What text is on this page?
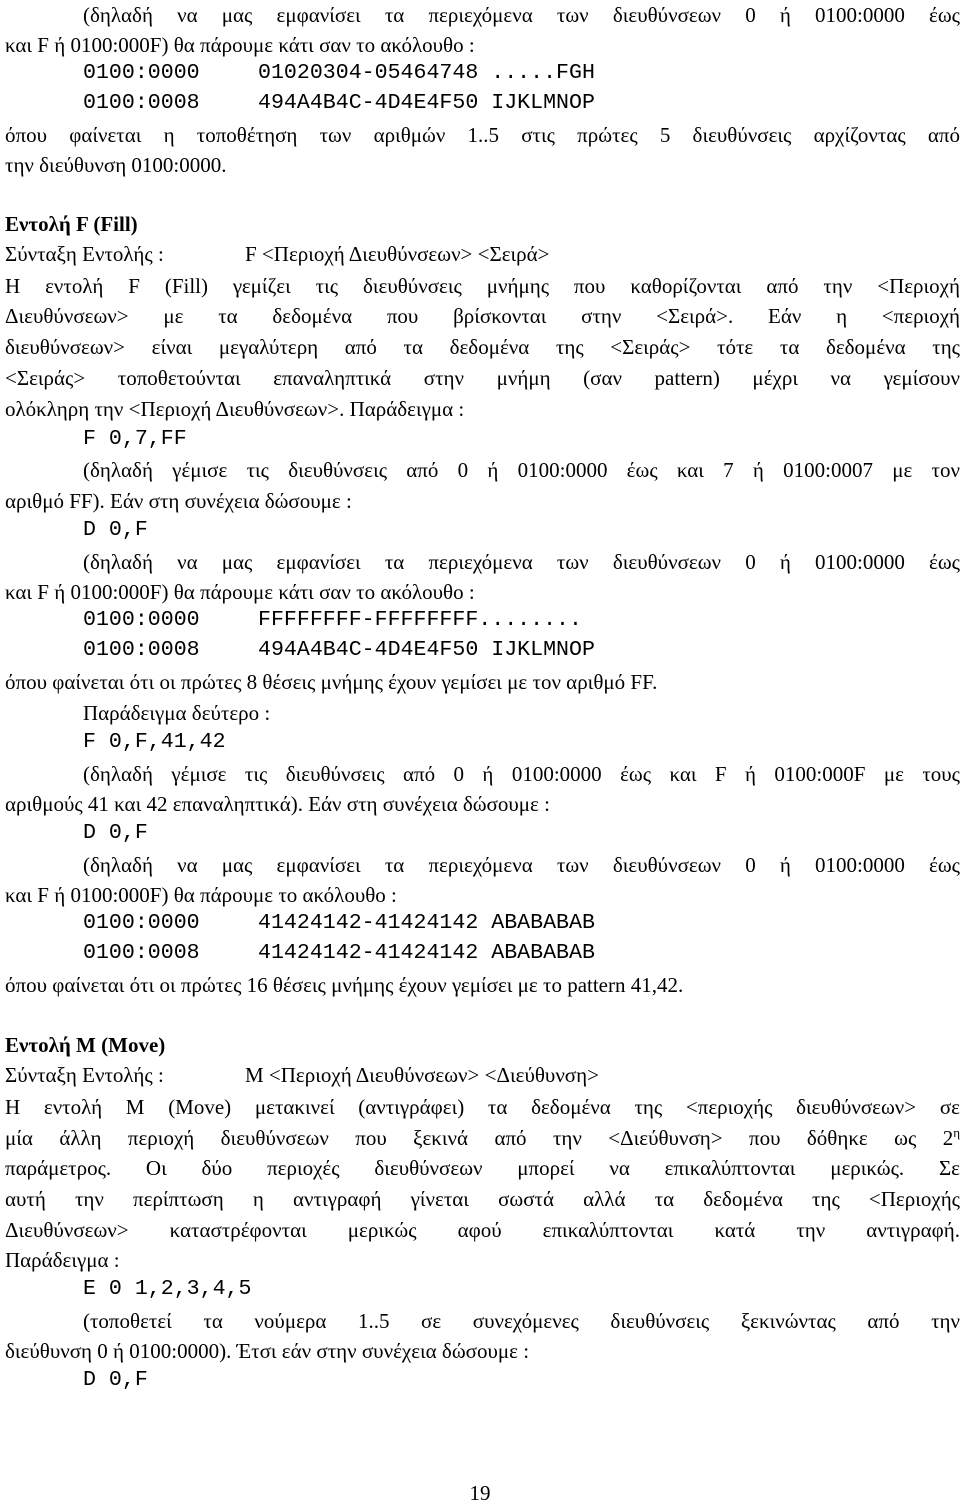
(δηλαδή να μας εμφανίσει τα περιεχόμενα των διευθύνσεων 0 ή 0100:0000 έως
και F ή 0100:000F) θα πάρουμε κάτι σαν το ακόλουθο :
0100:0000	01020304-05464748 .....FGH
0100:0008	494A4B4C-4D4E4F50 IJKLMNOP
όπου φαίνεται η τοποθέτηση των αριθμών 1..5 στις πρώτες 5 διευθύνσεις αρχίζοντας από
την διεύθυνση 0100:0000.
Εντολή F (Fill)
Σύνταξη Εντολής :	F <Περιοχή Διευθύνσεων> <Σειρά>
Η εντολή F (Fill) γεμίζει τις διευθύνσεις μνήμης που καθορίζονται από την <Περιοχή
Διευθύνσεων> με τα δεδομένα που βρίσκονται στην <Σειρά>. Εάν η <περιοχή
διευθύνσεων> είναι μεγαλύτερη από τα δεδομένα της <Σειράς> τότε τα δεδομένα της
<Σειράς> τοποθετούνται επαναληπτικά στην μνήμη (σαν pattern) μέχρι να γεμίσουν
ολόκληρη την <Περιοχή Διευθύνσεων>. Παράδειγμα :
F 0,7,FF
(δηλαδή γέμισε τις διευθύνσεις από 0 ή 0100:0000 έως και 7 ή 0100:0007 με τον
αριθμό FF). Εάν στη συνέχεια δώσουμε :
D 0,F
(δηλαδή να μας εμφανίσει τα περιεχόμενα των διευθύνσεων 0 ή 0100:0000 έως
και F ή 0100:000F) θα πάρουμε κάτι σαν το ακόλουθο :
0100:0000	FFFFFFFF-FFFFFFFF........
0100:0008	494A4B4C-4D4E4F50 IJKLMNOP
όπου φαίνεται ότι οι πρώτες 8 θέσεις μνήμης έχουν γεμίσει με τον αριθμό FF.
Παράδειγμα δεύτερο :
F 0,F,41,42
(δηλαδή γέμισε τις διευθύνσεις από 0 ή 0100:0000 έως και F ή 0100:000F με τους
αριθμούς 41 και 42 επαναληπτικά). Εάν στη συνέχεια δώσουμε :
D 0,F
(δηλαδή να μας εμφανίσει τα περιεχόμενα των διευθύνσεων 0 ή 0100:0000 έως
και F ή 0100:000F) θα πάρουμε το ακόλουθο :
0100:0000	41424142-41424142 ABABABAB
0100:0008	41424142-41424142 ABABABAB
όπου φαίνεται ότι οι πρώτες 16 θέσεις μνήμης έχουν γεμίσει με το pattern 41,42.
Εντολή M (Move)
Σύνταξη Εντολής :	M <Περιοχή Διευθύνσεων> <Διεύθυνση>
Η εντολή M (Move) μετακινεί (αντιγράφει) τα δεδομένα της <περιοχής διευθύνσεων> σε
μία άλλη περιοχή διευθύνσεων που ξεκινά από την <Διεύθυνση> που δόθηκε ως $2^\eta$
παράμετρος. Οι δύο περιοχές διευθύνσεων μπορεί να επικαλύπτονται μερικώς. Σε
αυτή την περίπτωση η αντιγραφή γίνεται σωστά αλλά τα δεδομένα της <Περιοχής
Διευθύνσεων> καταστρέφονται μερικώς αφού επικαλύπτονται κατά την αντιγραφή.
Παράδειγμα :
E 0 1,2,3,4,5
(τοποθετεί τα νούμερα 1..5 σε συνεχόμενες διευθύνσεις ξεκινώντας από την
διεύθυνση 0 ή 0100:0000). Έτσι εάν στην συνέχεια δώσουμε :
D 0,F
19
